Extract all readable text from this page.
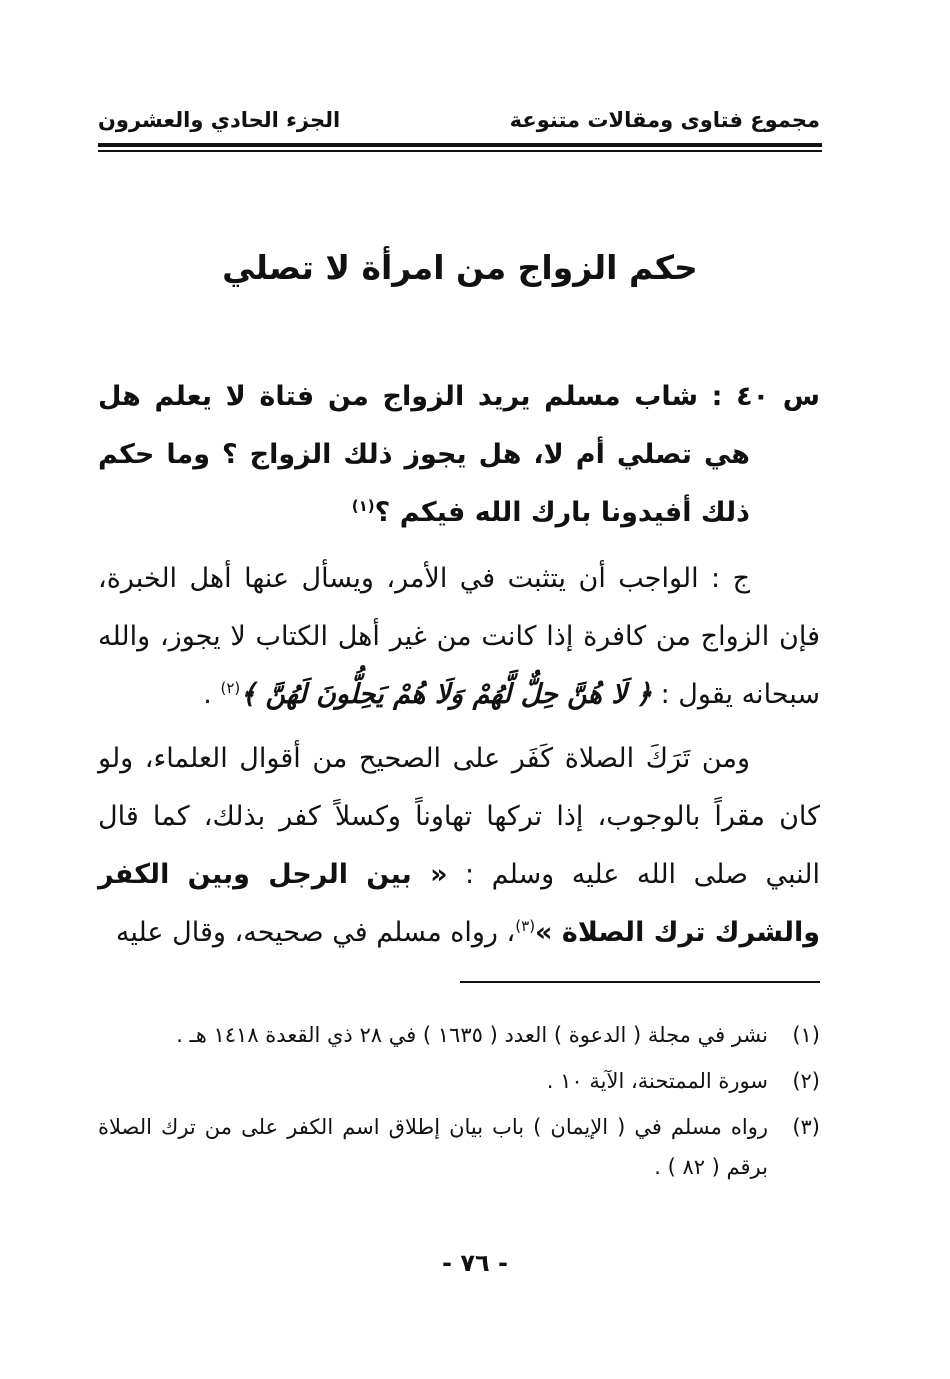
مجموع فتاوى ومقالات متنوعة
الجزء الحادي والعشرون
حكم الزواج من امرأة لا تصلي

س ٤٠ : شاب مسلم يريد الزواج من فتاة لا يعلم هل هي تصلي أم لا، هل يجوز ذلك الزواج ؟ وما حكم ذلك أفيدونا بارك الله فيكم ؟$^{(١)}$

ج : الواجب أن يتثبت في الأمر، ويسأل عنها أهل الخبرة، فإن الزواج من كافرة إذا كانت من غير أهل الكتاب لا يجوز، والله سبحانه يقول : ﴿ لَا هُنَّ حِلٌّ لَّهُمْ وَلَا هُمْ يَحِلُّونَ لَهُنَّ ﴾$^{(٢)}$ .

ومن تَرَكَ الصلاة كَفَر على الصحيح من أقوال العلماء، ولو كان مقراً بالوجوب، إذا تركها تهاوناً وكسلاً كفر بذلك، كما قال النبي صلى الله عليه وسلم : « بين الرجل وبين الكفر والشرك ترك الصلاة »$^{(٣)}$، رواه مسلم في صحيحه، وقال عليه

(١)
نشر في مجلة ( الدعوة ) العدد ( ١٦٣٥ ) في ٢٨ ذي القعدة ١٤١٨ هـ .

(٢)
سورة الممتحنة، الآية ١٠ .

(٣)
رواه مسلم في ( الإيمان ) باب بيان إطلاق اسم الكفر على من ترك الصلاة برقم ( ٨٢ ) .

- ٧٦ -
